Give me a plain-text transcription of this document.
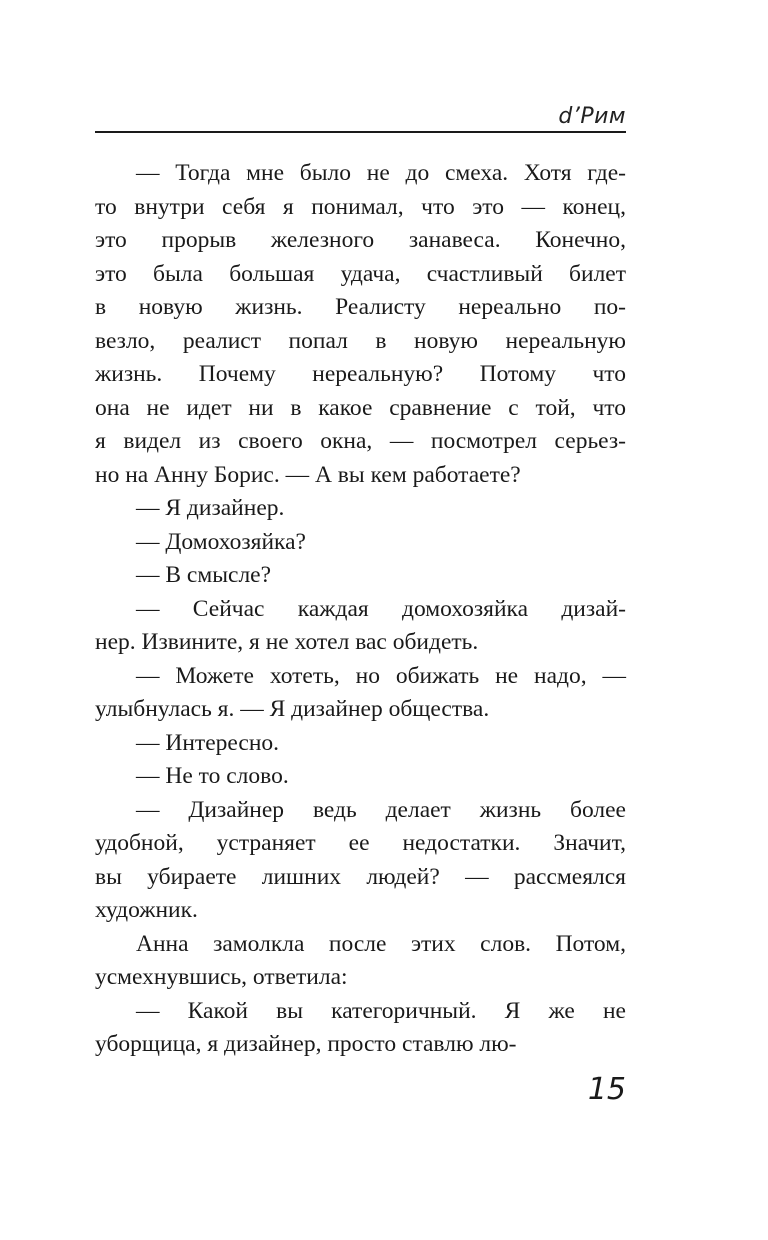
d’Рим

— Тогда мне было не до смеха. Хотя где-
то внутри себя я понимал, что это — конец,
это прорыв железного занавеса. Конечно,
это была большая удача, счастливый билет
в новую жизнь. Реалисту нереально по-
везло, реалист попал в новую нереальную
жизнь. Почему нереальную? Потому что
она не идет ни в какое сравнение с той, что
я видел из своего окна, — посмотрел серьез-
но на Анну Борис. — А вы кем работаете?

— Я дизайнер.

— Домохозяйка?

— В смысле?

— Сейчас каждая домохозяйка дизай-
нер. Извините, я не хотел вас обидеть.

— Можете хотеть, но обижать не надо, —
улыбнулась я. — Я дизайнер общества.

— Интересно.

— Не то слово.

— Дизайнер ведь делает жизнь более
удобной, устраняет ее недостатки. Значит,
вы убираете лишних людей? — рассмеялся
художник.

Анна замолкла после этих слов. Потом,
усмехнувшись, ответила:

— Какой вы категоричный. Я же не
уборщица, я дизайнер, просто ставлю лю-

15
